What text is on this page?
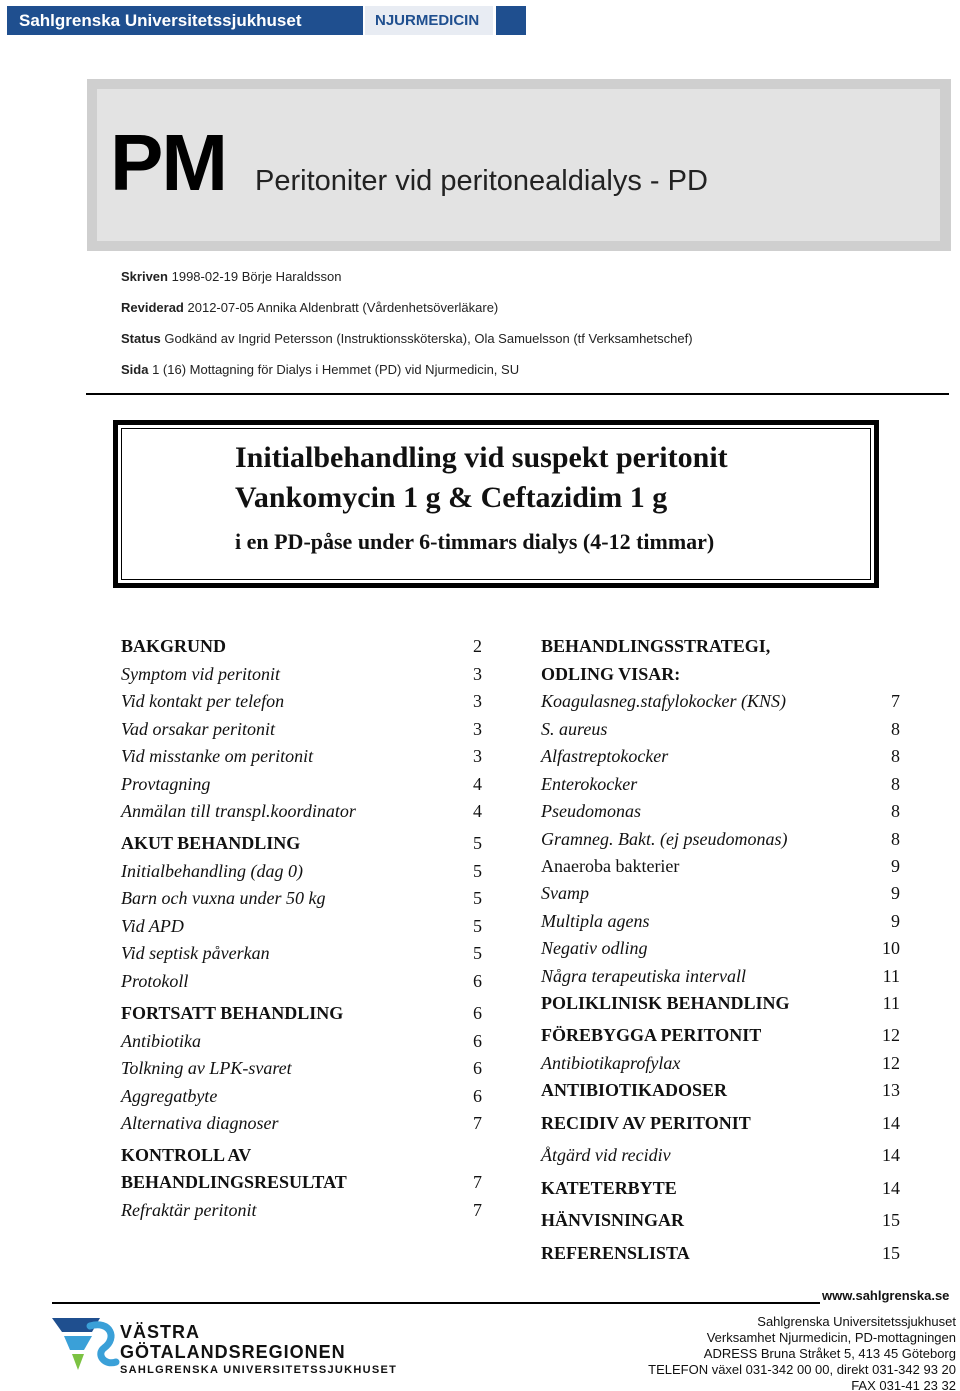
Sahlgrenska Universitetssjukhuset	NJURMEDICIN
PM Peritoniter vid peritonealdialys - PD
Skriven 1998-02-19 Börje Haraldsson
Reviderad 2012-07-05 Annika Aldenbratt (Vårdenhetsöverläkare)
Status Godkänd av Ingrid Petersson (Instruktionssköterska), Ola Samuelsson (tf Verksamhetschef)
Sida 1 (16) Mottagning för Dialys i Hemmet (PD) vid Njurmedicin, SU
Initialbehandling vid suspekt peritonit
Vankomycin 1 g & Ceftazidim 1 g
i en PD-påse under 6-timmars dialys (4-12 timmar)
BAKGRUND	2
Symptom vid peritonit	3
Vid kontakt per telefon	3
Vad orsakar peritonit	3
Vid misstanke om peritonit	3
Provtagning	4
Anmälan till transpl.koordinator	4
AKUT BEHANDLING	5
Initialbehandling (dag 0)	5
Barn och vuxna under 50 kg	5
Vid APD	5
Vid septisk påverkan	5
Protokoll	6
FORTSATT BEHANDLING	6
Antibiotika	6
Tolkning av LPK-svaret	6
Aggregatbyte	6
Alternativa diagnoser	7
KONTROLL AV
BEHANDLINGSRESULTAT	7
Refraktär peritonit	7
BEHANDLINGSSTRATEGI,
ODLING VISAR:
Koagulasneg.stafylokocker (KNS)	7
S. aureus	8
Alfastreptokocker	8
Enterokocker	8
Pseudomonas	8
Gramneg. Bakt. (ej pseudomonas)	8
Anaeroba bakterier	9
Svamp	9
Multipla agens	9
Negativ odling	10
Några terapeutiska intervall	11
POLIKLINISK BEHANDLING	11
FÖREBYGGA PERITONIT	12
Antibiotikaprofylax	12
ANTIBIOTIKADOSER	13
RECIDIV AV PERITONIT	14
Åtgärd vid recidiv	14
KATETERBYTE	14
HÄNVISNINGAR	15
REFERENSLISTA	15
www.sahlgrenska.se
VÄSTRA
GÖTALANDSREGIONEN
SAHLGRENSKA UNIVERSITETSSJUKHUSET
Sahlgrenska Universitetssjukhuset
Verksamhet Njurmedicin, PD-mottagningen
ADRESS Bruna Stråket 5, 413 45 Göteborg
TELEFON växel 031-342 00 00, direkt 031-342 93 20
FAX 031-41 23 32
